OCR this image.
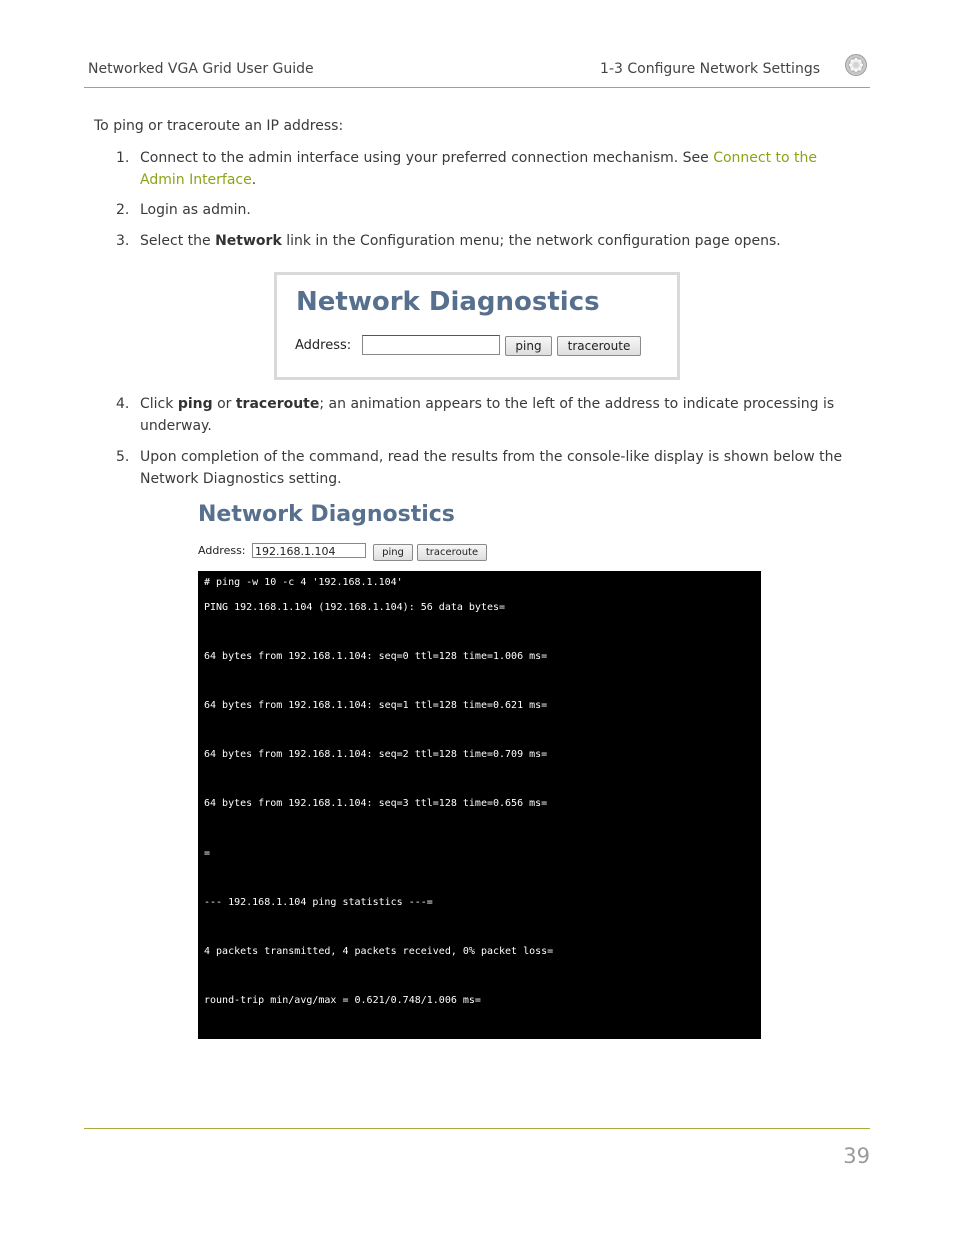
Networked VGA Grid User Guide	1-3 Configure Network Settings
To ping or traceroute an IP address:
1. Connect to the admin interface using your preferred connection mechanism. See Connect to the Admin Interface.
2. Login as admin.
3. Select the Network link in the Configuration menu; the network configuration page opens.
Network Diagnostics
Address:	ping	traceroute
4. Click ping or traceroute; an animation appears to the left of the address to indicate processing is underway.
5. Upon completion of the command, read the results from the console-like display is shown below the Network Diagnostics setting.
Network Diagnostics
Address: 192.168.1.104	ping	traceroute
# ping -w 10 -c 4 '192.168.1.104'
PING 192.168.1.104 (192.168.1.104): 56 data bytes=
64 bytes from 192.168.1.104: seq=0 ttl=128 time=1.006 ms=
64 bytes from 192.168.1.104: seq=1 ttl=128 time=0.621 ms=
64 bytes from 192.168.1.104: seq=2 ttl=128 time=0.709 ms=
64 bytes from 192.168.1.104: seq=3 ttl=128 time=0.656 ms=
=
--- 192.168.1.104 ping statistics ---=
4 packets transmitted, 4 packets received, 0% packet loss=
round-trip min/avg/max = 0.621/0.748/1.006 ms=
39
